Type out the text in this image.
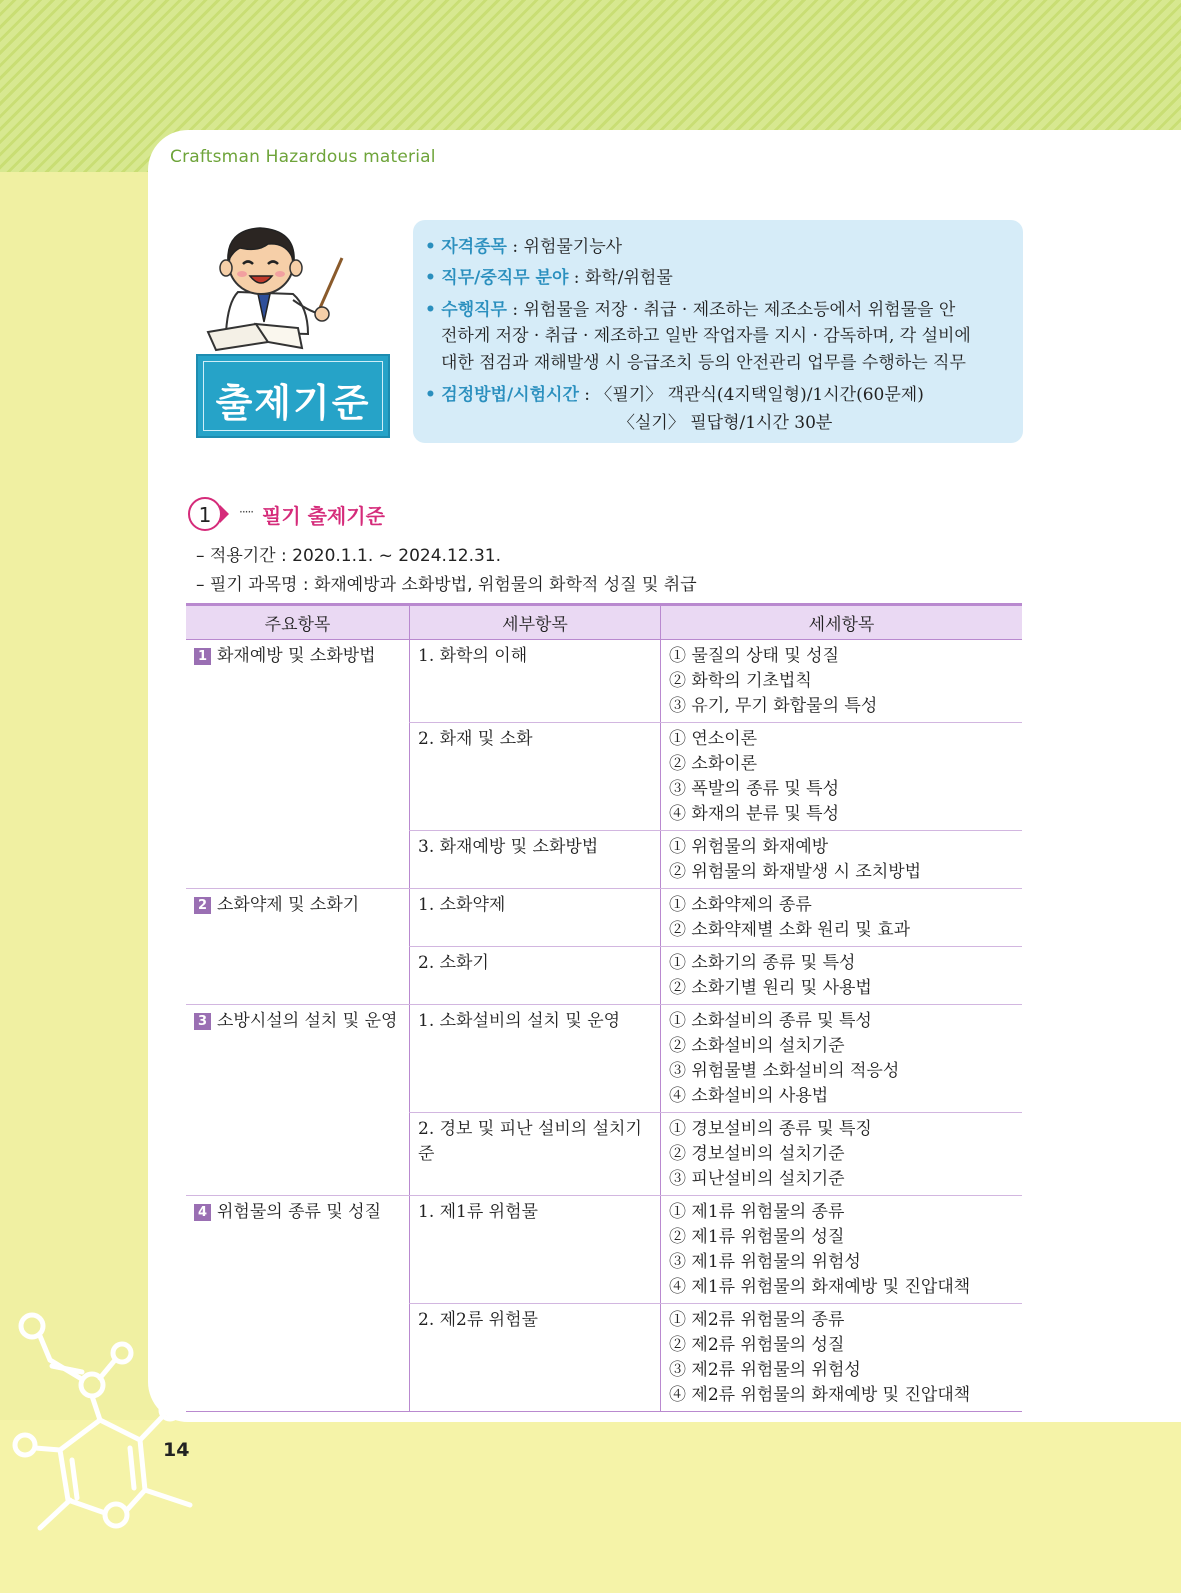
Craftsman Hazardous material
출제기준
• 자격종목 : 위험물기능사
• 직무/중직무 분야 : 화학/위험물
• 수행직무 : 위험물을 저장 · 취급 · 제조하는 제조소등에서 위험물을 안
전하게 저장 · 취급 · 제조하고 일반 작업자를 지시 · 감독하며, 각 설비에
대한 점검과 재해발생 시 응급조치 등의 안전관리 업무를 수행하는 직무
• 검정방법/시험시간 : 〈필기〉 객관식(4지택일형)/1시간(60문제)
〈실기〉 필답형/1시간 30분
1	····· 필기 출제기준
– 적용기간 : 2020.1.1. ~ 2024.12.31.
– 필기 과목명 : 화재예방과 소화방법, 위험물의 화학적 성질 및 취급
주요항목	세부항목	세세항목
1 화재예방 및 소화방법	1. 화학의 이해	① 물질의 상태 및 성질
② 화학의 기초법칙
③ 유기, 무기 화합물의 특성

	2. 화재 및 소화	① 연소이론
② 소화이론
③ 폭발의 종류 및 특성
④ 화재의 분류 및 특성

	3. 화재예방 및 소화방법	① 위험물의 화재예방
② 위험물의 화재발생 시 조치방법

2 소화약제 및 소화기	1. 소화약제	① 소화약제의 종류
② 소화약제별 소화 원리 및 효과

	2. 소화기	① 소화기의 종류 및 특성
② 소화기별 원리 및 사용법

3 소방시설의 설치 및 운영	1. 소화설비의 설치 및 운영	① 소화설비의 종류 및 특성
② 소화설비의 설치기준
③ 위험물별 소화설비의 적응성
④ 소화설비의 사용법

	2. 경보 및 피난 설비의 설치기준	① 경보설비의 종류 및 특징
② 경보설비의 설치기준
③ 피난설비의 설치기준

4 위험물의 종류 및 성질	1. 제1류 위험물	① 제1류 위험물의 종류
② 제1류 위험물의 성질
③ 제1류 위험물의 위험성
④ 제1류 위험물의 화재예방 및 진압대책

	2. 제2류 위험물	① 제2류 위험물의 종류
② 제2류 위험물의 성질
③ 제2류 위험물의 위험성
④ 제2류 위험물의 화재예방 및 진압대책
14
